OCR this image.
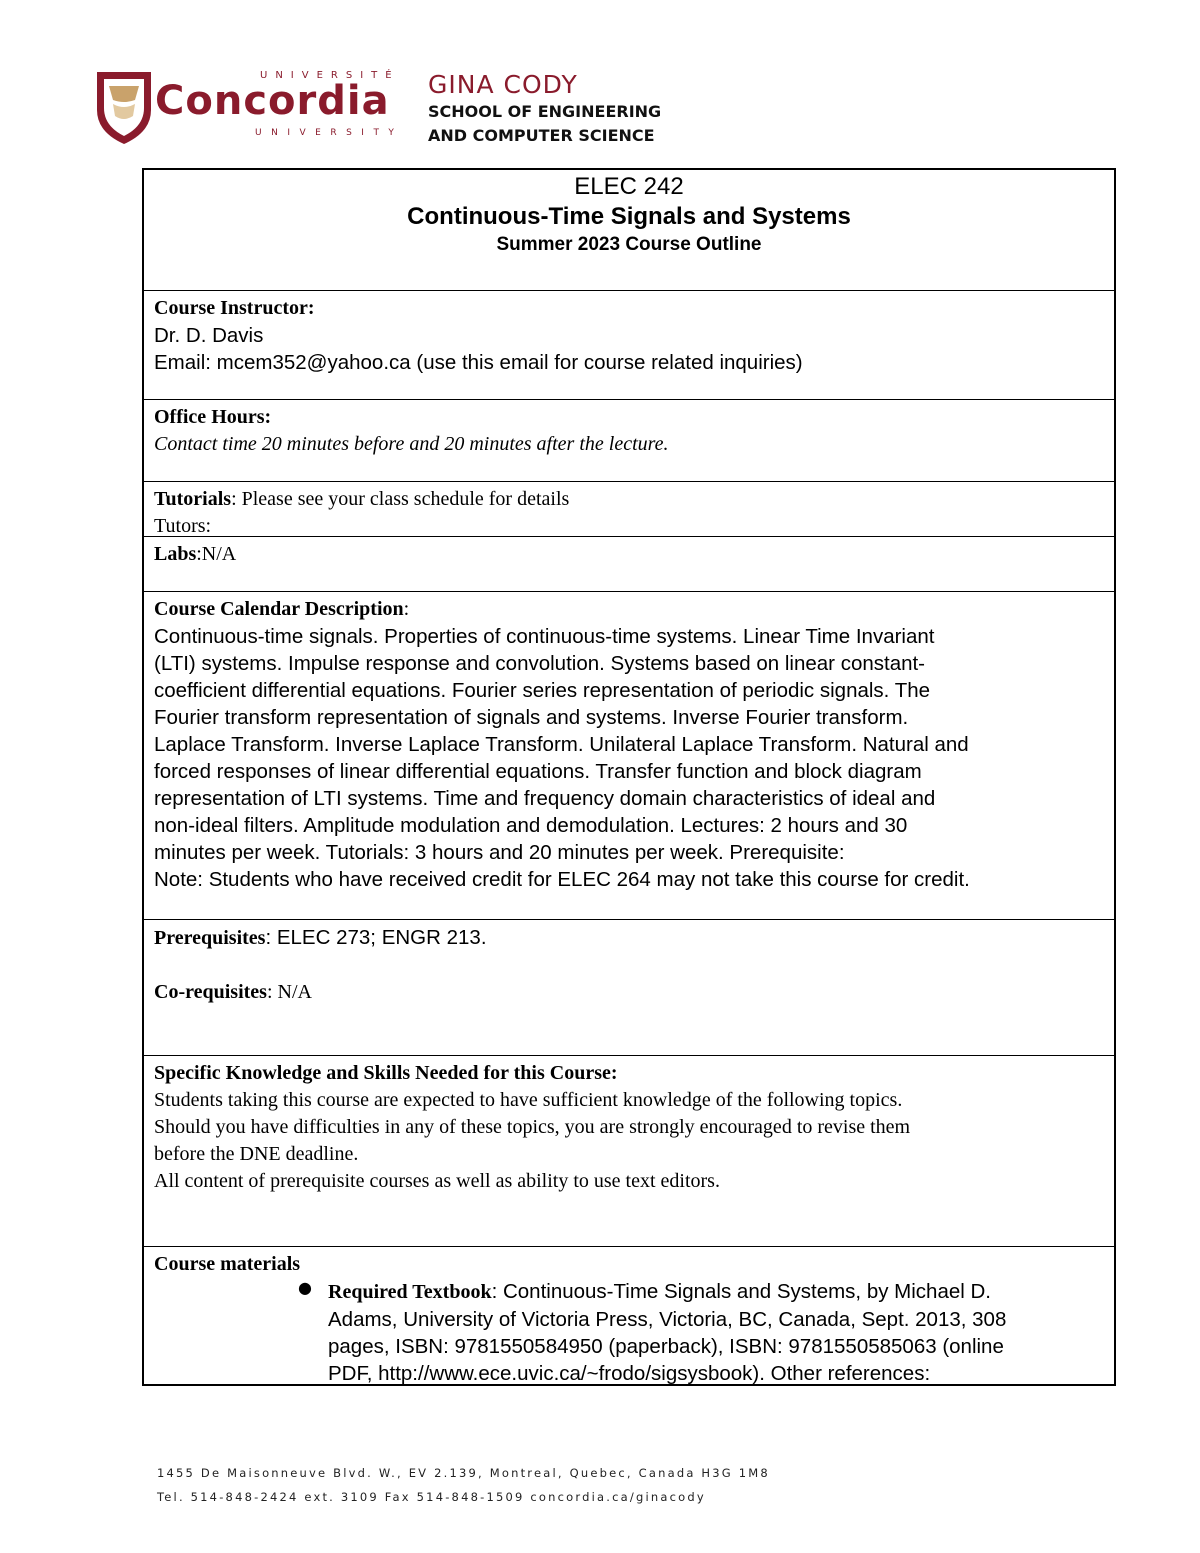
UNIVERSITÉ
Concordia
UNIVERSITY
GINA CODY
SCHOOL OF ENGINEERING
AND COMPUTER SCIENCE
ELEC 242
Continuous-Time Signals and Systems
Summer 2023 Course Outline
Course Instructor:
Dr. D. Davis
Email: mcem352@yahoo.ca (use this email for course related inquiries)
Office Hours:
Contact time 20 minutes before and 20 minutes after the lecture.
Tutorials: Please see your class schedule for details
Tutors:
Labs:N/A
Course Calendar Description:
Continuous-time signals. Properties of continuous-time systems. Linear Time Invariant
(LTI) systems. Impulse response and convolution. Systems based on linear constant-
coefficient differential equations. Fourier series representation of periodic signals. The
Fourier transform representation of signals and systems. Inverse Fourier transform.
Laplace Transform. Inverse Laplace Transform. Unilateral Laplace Transform. Natural and
forced responses of linear differential equations. Transfer function and block diagram
representation of LTI systems. Time and frequency domain characteristics of ideal and
non-ideal filters. Amplitude modulation and demodulation. Lectures: 2 hours and 30
minutes per week. Tutorials: 3 hours and 20 minutes per week. Prerequisite:
Note: Students who have received credit for ELEC 264 may not take this course for credit.
Prerequisites: ELEC 273; ENGR 213.
Co-requisites: N/A
Specific Knowledge and Skills Needed for this Course:
Students taking this course are expected to have sufficient knowledge of the following topics.
Should you have difficulties in any of these topics, you are strongly encouraged to revise them
before the DNE deadline.
All content of prerequisite courses as well as ability to use text editors.
Course materials
● Required Textbook: Continuous-Time Signals and Systems, by Michael D.
Adams, University of Victoria Press, Victoria, BC, Canada, Sept. 2013, 308
pages, ISBN: 9781550584950 (paperback), ISBN: 9781550585063 (online
PDF, http://www.ece.uvic.ca/~frodo/sigsysbook). Other references:
1455 De Maisonneuve Blvd. W., EV 2.139, Montreal, Quebec, Canada H3G 1M8
Tel. 514-848-2424 ext. 3109 Fax 514-848-1509 concordia.ca/ginacody
